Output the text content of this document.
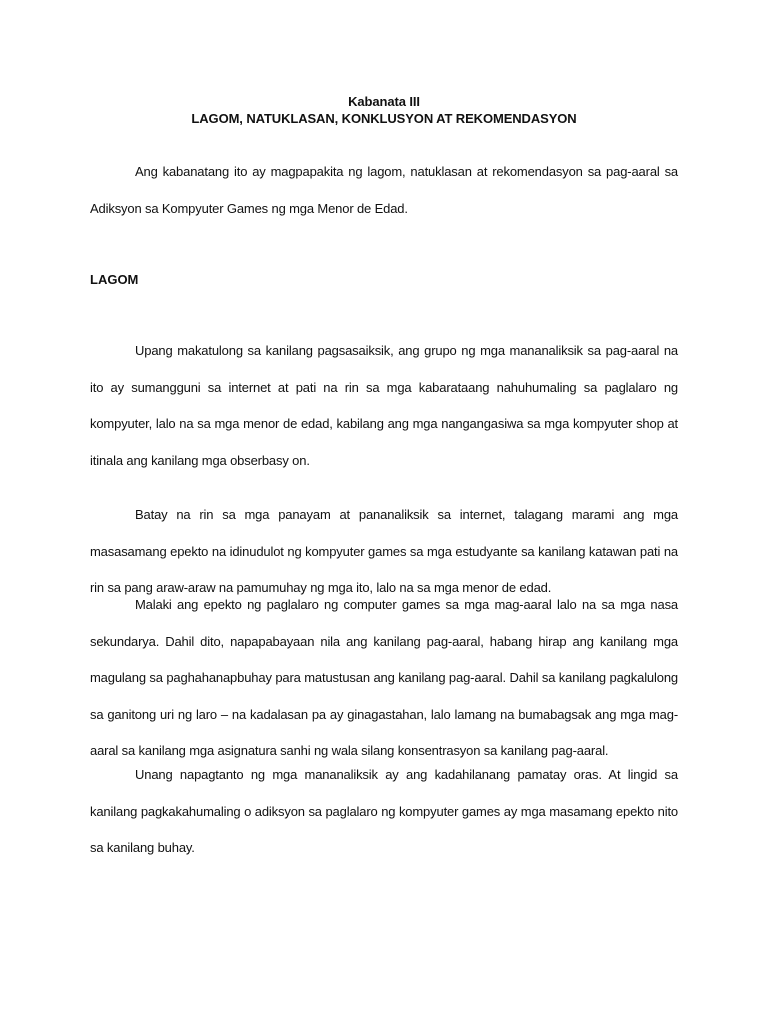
Kabanata III

LAGOM, NATUKLASAN, KONKLUSYON AT REKOMENDASYON

Ang kabanatang ito ay magpapakita ng lagom, natuklasan at rekomendasyon sa pag-aaral sa Adiksyon sa Kompyuter Games ng mga Menor de Edad.

LAGOM

Upang makatulong sa kanilang pagsasaiksik, ang grupo ng mga mananaliksik sa pag-aaral na ito ay sumangguni sa internet at pati na rin sa mga kabarataang nahuhumaling sa paglalaro ng kompyuter, lalo na sa mga menor de edad, kabilang ang mga nangangasiwa sa mga kompyuter shop at itinala ang kanilang mga obserbasy on.

Batay na rin sa mga panayam at pananaliksik sa internet, talagang marami ang mga masasamang epekto na idinudulot ng kompyuter games sa mga estudyante sa kanilang katawan pati na rin sa pang araw-araw na pamumuhay ng mga ito, lalo na sa mga menor de edad.

Malaki ang epekto ng paglalaro ng computer games sa mga mag-aaral lalo na sa mga nasa sekundarya. Dahil dito, napapabayaan nila ang kanilang pag-aaral, habang hirap ang kanilang mga magulang sa paghahanapbuhay para matustusan ang kanilang pag-aaral. Dahil sa kanilang pagkalulong sa ganitong uri ng laro – na kadalasan pa ay ginagastahan, lalo lamang na bumabagsak ang mga mag-aaral sa kanilang mga asignatura sanhi ng wala silang konsentrasyon sa kanilang pag-aaral.

Unang napagtanto ng mga mananaliksik ay ang kadahilanang pamatay oras. At lingid sa kanilang pagkakahumaling o adiksyon sa paglalaro ng kompyuter games ay mga masamang epekto nito sa kanilang buhay.
